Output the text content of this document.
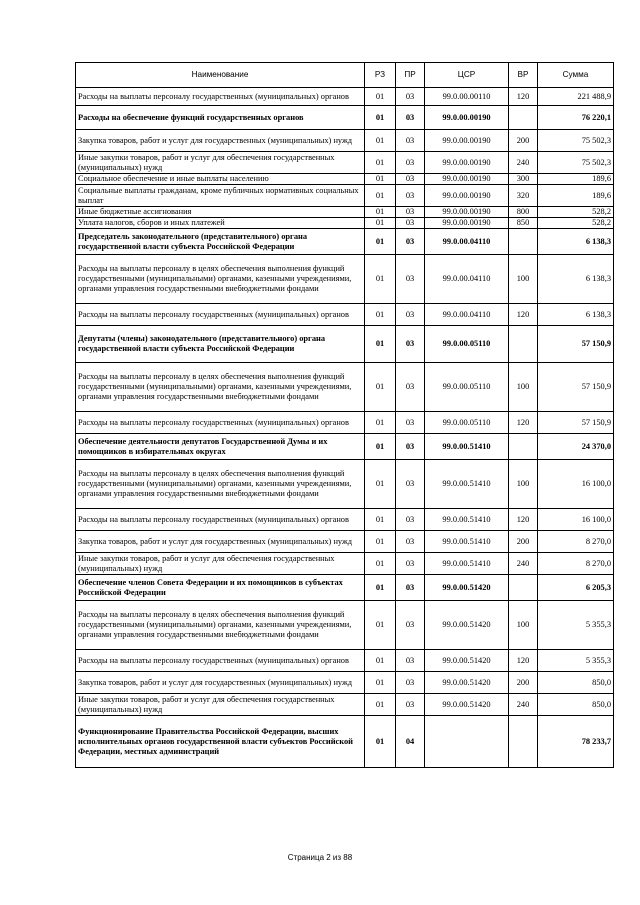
Наименование	РЗ	ПР	ЦСР	ВР	Сумма
Расходы на выплаты персоналу государственных (муниципальных) органов	01	03	99.0.00.00110	120	221 488,9
Расходы на обеспечение функций государственных органов	01	03	99.0.00.00190		76 220,1
Закупка товаров, работ и услуг для государственных (муниципальных) нужд	01	03	99.0.00.00190	200	75 502,3
Иные закупки товаров, работ и услуг для обеспечения государственных (муниципальных) нужд	01	03	99.0.00.00190	240	75 502,3
Социальное обеспечение и иные выплаты населению	01	03	99.0.00.00190	300	189,6
Социальные выплаты гражданам, кроме публичных нормативных социальных выплат	01	03	99.0.00.00190	320	189,6
Иные бюджетные ассигнования	01	03	99.0.00.00190	800	528,2
Уплата налогов, сборов и иных платежей	01	03	99.0.00.00190	850	528,2
Председатель законодательного (представительного) органа государственной власти субъекта Российской Федерации	01	03	99.0.00.04110		6 138,3
Расходы на выплаты персоналу в целях обеспечения выполнения функций государственными (муниципальными) органами, казенными учреждениями, органами управления государственными внебюджетными фондами	01	03	99.0.00.04110	100	6 138,3
Расходы на выплаты персоналу государственных (муниципальных) органов	01	03	99.0.00.04110	120	6 138,3
Депутаты (члены) законодательного (представительного) органа государственной власти субъекта Российской Федерации	01	03	99.0.00.05110		57 150,9
Расходы на выплаты персоналу в целях обеспечения выполнения функций государственными (муниципальными) органами, казенными учреждениями, органами управления государственными внебюджетными фондами	01	03	99.0.00.05110	100	57 150,9
Расходы на выплаты персоналу государственных (муниципальных) органов	01	03	99.0.00.05110	120	57 150,9
Обеспечение деятельности депутатов Государственной Думы и их помощников в избирательных округах	01	03	99.0.00.51410		24 370,0
Расходы на выплаты персоналу в целях обеспечения выполнения функций государственными (муниципальными) органами, казенными учреждениями, органами управления государственными внебюджетными фондами	01	03	99.0.00.51410	100	16 100,0
Расходы на выплаты персоналу государственных (муниципальных) органов	01	03	99.0.00.51410	120	16 100,0
Закупка товаров, работ и услуг для государственных (муниципальных) нужд	01	03	99.0.00.51410	200	8 270,0
Иные закупки товаров, работ и услуг для обеспечения государственных (муниципальных) нужд	01	03	99.0.00.51410	240	8 270,0
Обеспечение членов Совета Федерации и их помощников в субъектах Российской Федерации	01	03	99.0.00.51420		6 205,3
Расходы на выплаты персоналу в целях обеспечения выполнения функций государственными (муниципальными) органами, казенными учреждениями, органами управления государственными внебюджетными фондами	01	03	99.0.00.51420	100	5 355,3
Расходы на выплаты персоналу государственных (муниципальных) органов	01	03	99.0.00.51420	120	5 355,3
Закупка товаров, работ и услуг для государственных (муниципальных) нужд	01	03	99.0.00.51420	200	850,0
Иные закупки товаров, работ и услуг для обеспечения государственных (муниципальных) нужд	01	03	99.0.00.51420	240	850,0
Функционирование Правительства Российской Федерации, высших исполнительных органов государственной власти субъектов Российской Федерации, местных администраций	01	04			78 233,7
Страница 2 из 88
